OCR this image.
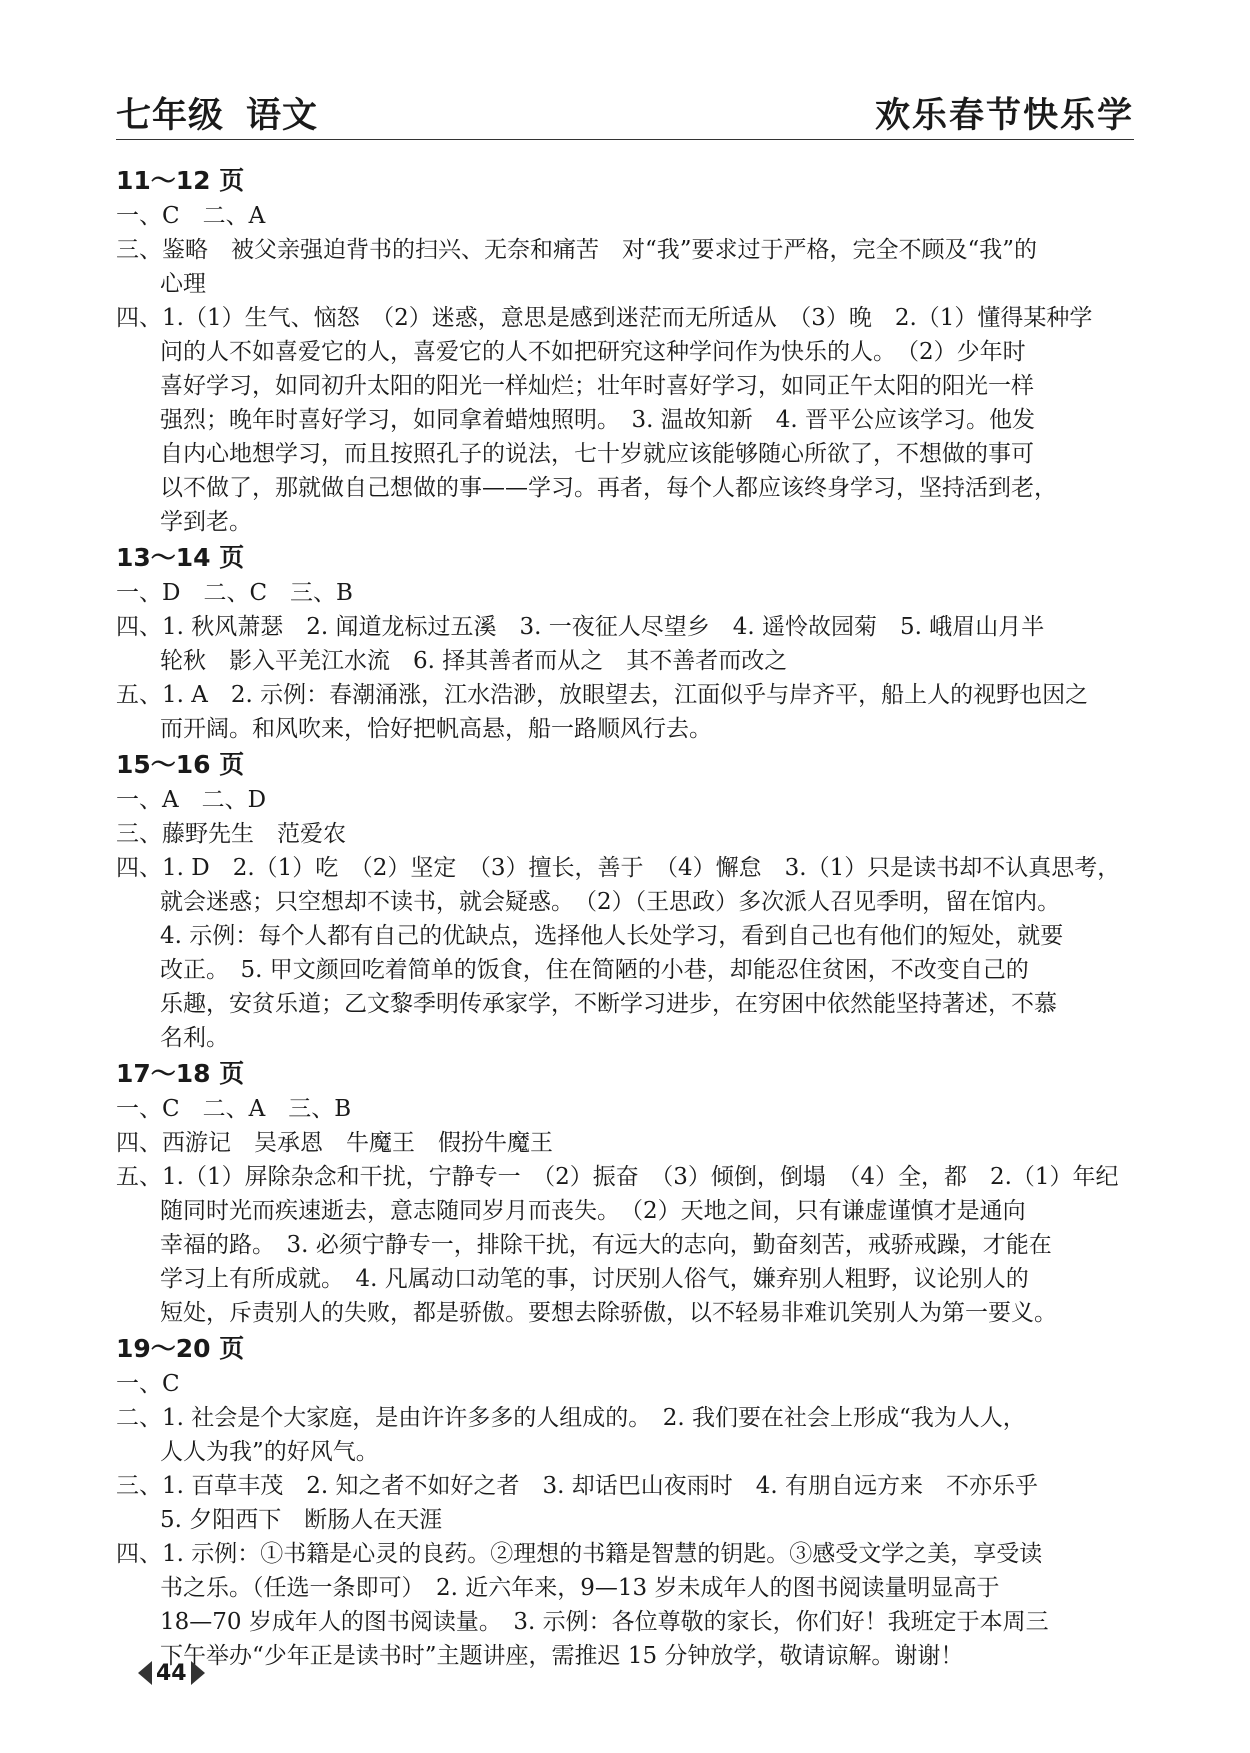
七年级 语文	欢乐春节快乐学
11～12 页
一、C　二、A
三、鉴略　被父亲强迫背书的扫兴、无奈和痛苦　对“我”要求过于严格，完全不顾及“我”的
心理
四、1.（1）生气、恼怒　（2）迷惑，意思是感到迷茫而无所适从　（3）晚　2.（1）懂得某种学
问的人不如喜爱它的人，喜爱它的人不如把研究这种学问作为快乐的人。　（2）少年时
喜好学习，如同初升太阳的阳光一样灿烂；壮年时喜好学习，如同正午太阳的阳光一样
强烈；晚年时喜好学习，如同拿着蜡烛照明。　3. 温故知新　4. 晋平公应该学习。他发
自内心地想学习，而且按照孔子的说法，七十岁就应该能够随心所欲了，不想做的事可
以不做了，那就做自己想做的事——学习。再者，每个人都应该终身学习，坚持活到老，
学到老。
13～14 页
一、D　二、C　三、B
四、1. 秋风萧瑟　2. 闻道龙标过五溪　3. 一夜征人尽望乡　4. 遥怜故园菊　5. 峨眉山月半
轮秋　影入平羌江水流　6. 择其善者而从之　其不善者而改之
五、1. A　2. 示例：春潮涌涨，江水浩渺，放眼望去，江面似乎与岸齐平，船上人的视野也因之
而开阔。和风吹来，恰好把帆高悬，船一路顺风行去。
15～16 页
一、A　二、D
三、藤野先生　范爱农
四、1. D　2.（1）吃　（2）坚定　（3）擅长，善于　（4）懈怠　3.（1）只是读书却不认真思考，
就会迷惑；只空想却不读书，就会疑惑。　（2）（王思政）多次派人召见季明，留在馆内。
4. 示例：每个人都有自己的优缺点，选择他人长处学习，看到自己也有他们的短处，就要
改正。　5. 甲文颜回吃着简单的饭食，住在简陋的小巷，却能忍住贫困，不改变自己的
乐趣，安贫乐道；乙文黎季明传承家学，不断学习进步，在穷困中依然能坚持著述，不慕
名利。
17～18 页
一、C　二、A　三、B
四、西游记　吴承恩　牛魔王　假扮牛魔王
五、1.（1）屏除杂念和干扰，宁静专一　（2）振奋　（3）倾倒，倒塌　（4）全，都　2.（1）年纪
随同时光而疾速逝去，意志随同岁月而丧失。　（2）天地之间，只有谦虚谨慎才是通向
幸福的路。　3. 必须宁静专一，排除干扰，有远大的志向，勤奋刻苦，戒骄戒躁，才能在
学习上有所成就。　4. 凡属动口动笔的事，讨厌别人俗气，嫌弃别人粗野，议论别人的
短处，斥责别人的失败，都是骄傲。要想去除骄傲，以不轻易非难讥笑别人为第一要义。
19～20 页
一、C
二、1. 社会是个大家庭，是由许许多多的人组成的。　2. 我们要在社会上形成“我为人人，
人人为我”的好风气。
三、1. 百草丰茂　2. 知之者不如好之者　3. 却话巴山夜雨时　4. 有朋自远方来　不亦乐乎
5. 夕阳西下　断肠人在天涯
四、1. 示例：①书籍是心灵的良药。②理想的书籍是智慧的钥匙。③感受文学之美，享受读
书之乐。（任选一条即可）　2. 近六年来，9—13 岁未成年人的图书阅读量明显高于
18—70 岁成年人的图书阅读量。　3. 示例：各位尊敬的家长，你们好！我班定于本周三
下午举办“少年正是读书时”主题讲座，需推迟 15 分钟放学，敬请谅解。谢谢！
44
